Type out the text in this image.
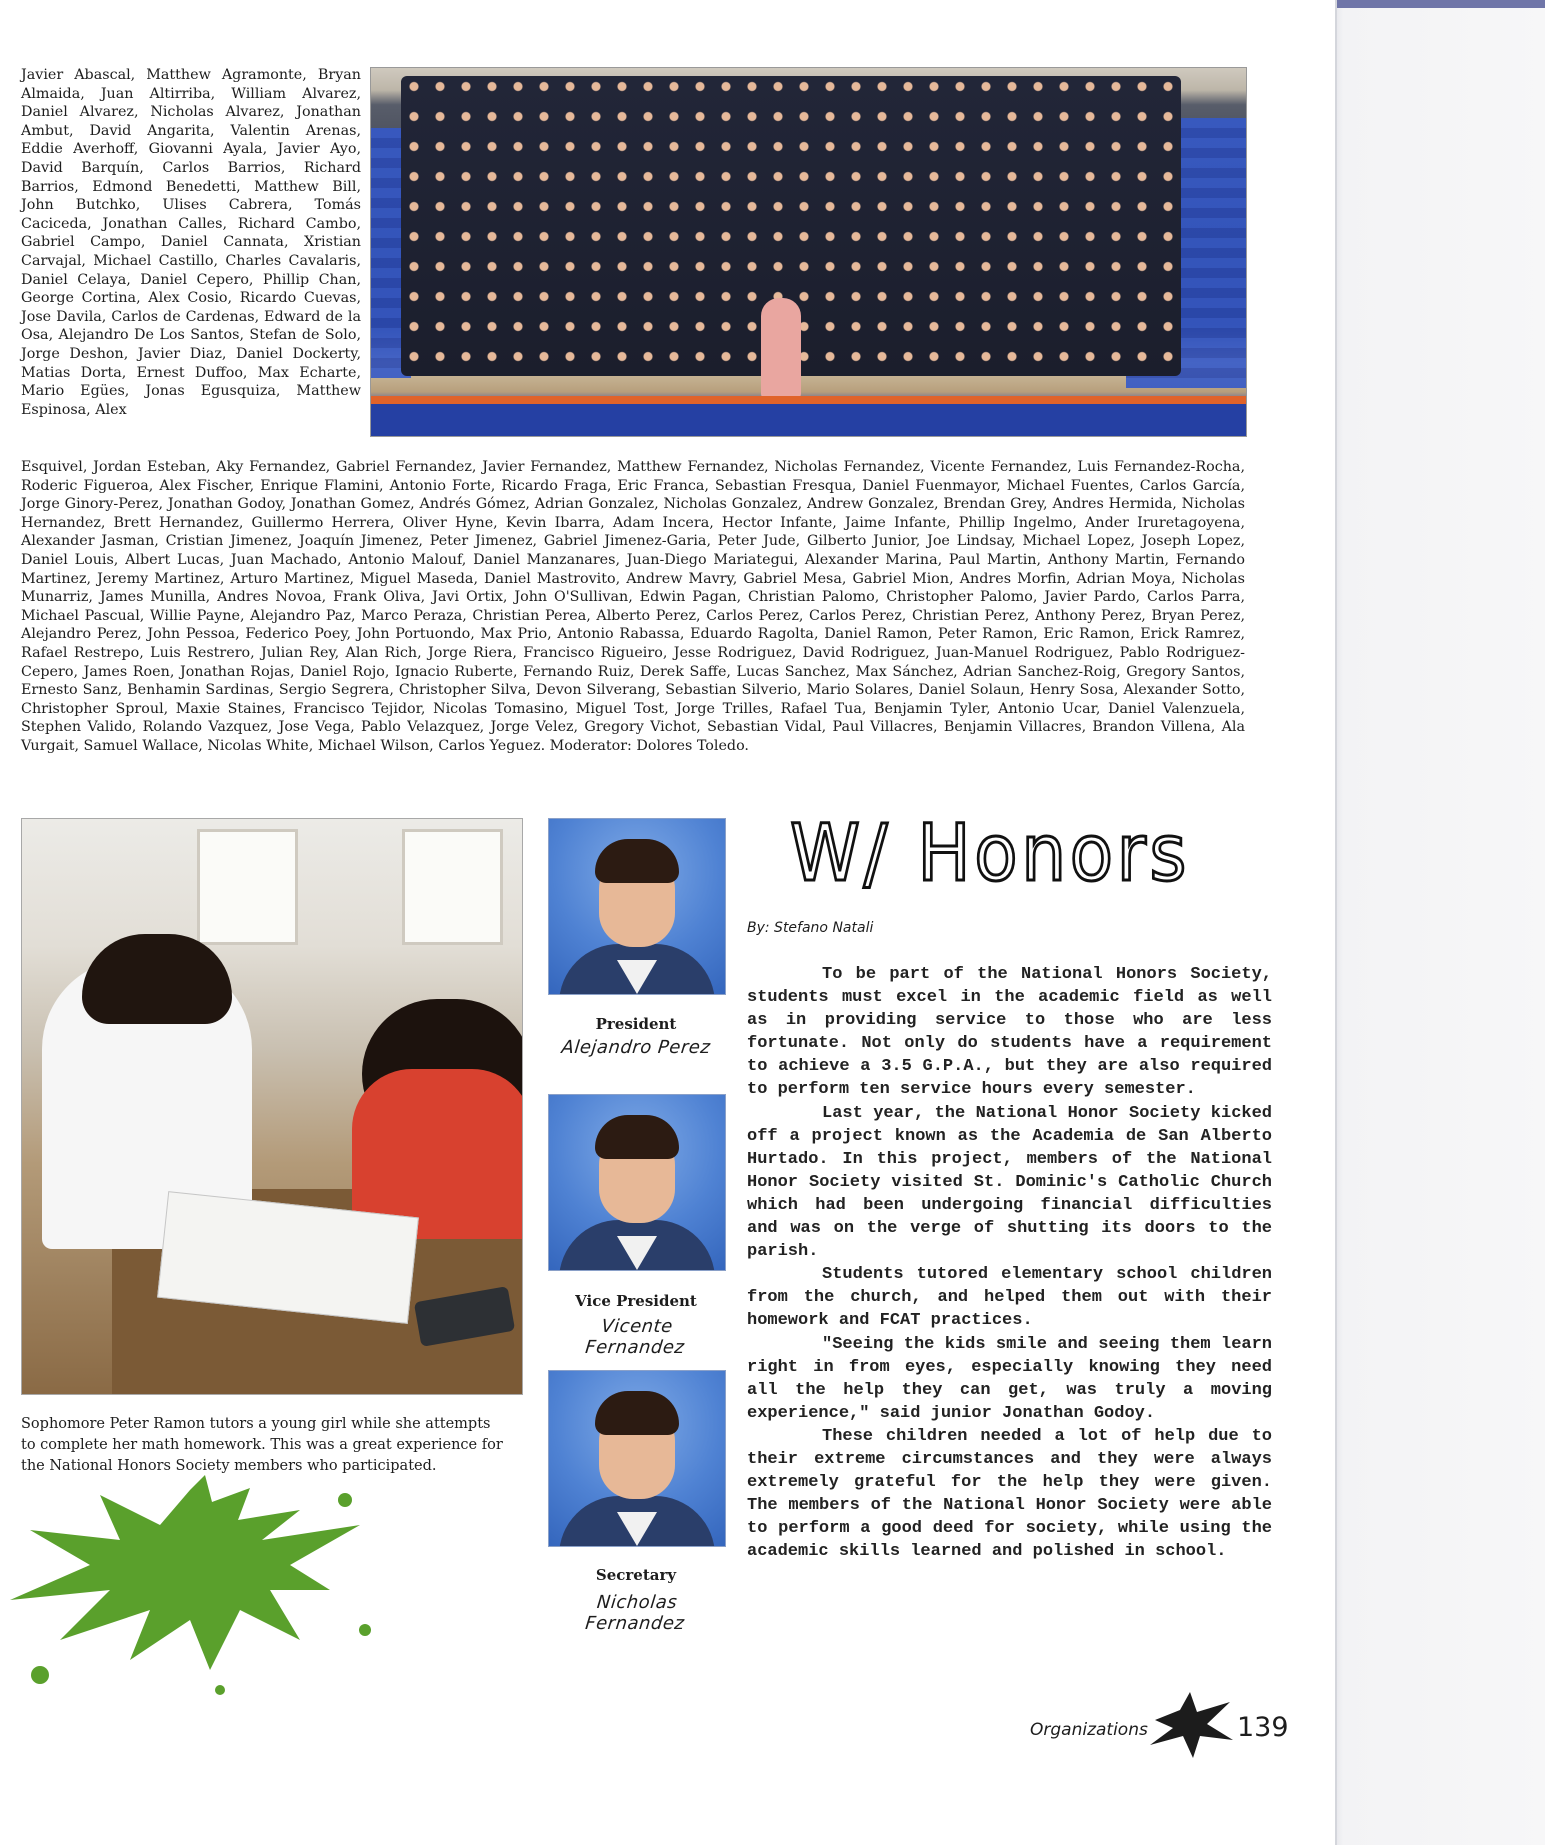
Javier Abascal, Matthew Agramonte, Bryan Almaida, Juan Altirriba, William Alvarez, Daniel Alvarez, Nicholas Alvarez, Jonathan Ambut, David Angarita, Valentin Arenas, Eddie Averhoff, Giovanni Ayala, Javier Ayo, David Barquín, Carlos Barrios, Richard Barrios, Edmond Benedetti, Matthew Bill, John Butchko, Ulises Cabrera, Tomás Caciceda, Jonathan Calles, Richard Cambo, Gabriel Campo, Daniel Cannata, Xristian Carvajal, Michael Castillo, Charles Cavalaris, Daniel Celaya, Daniel Cepero, Phillip Chan, George Cortina, Alex Cosio, Ricardo Cuevas, Jose Davila, Carlos de Cardenas, Edward de la Osa, Alejandro De Los Santos, Stefan de Solo, Jorge Deshon, Javier Diaz, Daniel Dockerty, Matias Dorta, Ernest Duffoo, Max Echarte, Mario Egües, Jonas Egusquiza, Matthew Espinosa, Alex

Esquivel, Jordan Esteban, Aky Fernandez, Gabriel Fernandez, Javier Fernandez, Matthew Fernandez, Nicholas Fernandez, Vicente Fernandez, Luis Fernandez-Rocha, Roderic Figueroa, Alex Fischer, Enrique Flamini, Antonio Forte, Ricardo Fraga, Eric Franca, Sebastian Fresqua, Daniel Fuenmayor, Michael Fuentes, Carlos García, Jorge Ginory-Perez, Jonathan Godoy, Jonathan Gomez, Andrés Gómez, Adrian Gonzalez, Nicholas Gonzalez, Andrew Gonzalez, Brendan Grey, Andres Hermida, Nicholas Hernandez, Brett Hernandez, Guillermo Herrera, Oliver Hyne, Kevin Ibarra, Adam Incera, Hector Infante, Jaime Infante, Phillip Ingelmo, Ander Iruretagoyena, Alexander Jasman, Cristian Jimenez, Joaquín Jimenez, Peter Jimenez, Gabriel Jimenez-Garia, Peter Jude, Gilberto Junior, Joe Lindsay, Michael Lopez, Joseph Lopez, Daniel Louis, Albert Lucas, Juan Machado, Antonio Malouf, Daniel Manzanares, Juan-Diego Mariategui, Alexander Marina, Paul Martin, Anthony Martin, Fernando Martinez, Jeremy Martinez, Arturo Martinez, Miguel Maseda, Daniel Mastrovito, Andrew Mavry, Gabriel Mesa, Gabriel Mion, Andres Morfin, Adrian Moya, Nicholas Munarriz, James Munilla, Andres Novoa, Frank Oliva, Javi Ortix, John O'Sullivan, Edwin Pagan, Christian Palomo, Christopher Palomo, Javier Pardo, Carlos Parra, Michael Pascual, Willie Payne, Alejandro Paz, Marco Peraza, Christian Perea, Alberto Perez, Carlos Perez, Carlos Perez, Christian Perez, Anthony Perez, Bryan Perez, Alejandro Perez, John Pessoa, Federico Poey, John Portuondo, Max Prio, Antonio Rabassa, Eduardo Ragolta, Daniel Ramon, Peter Ramon, Eric Ramon, Erick Ramrez, Rafael Restrepo, Luis Restrero, Julian Rey, Alan Rich, Jorge Riera, Francisco Rigueiro, Jesse Rodriguez, David Rodriguez, Juan-Manuel Rodriguez, Pablo Rodriguez-Cepero, James Roen, Jonathan Rojas, Daniel Rojo, Ignacio Ruberte, Fernando Ruiz, Derek Saffe, Lucas Sanchez, Max Sánchez, Adrian Sanchez-Roig, Gregory Santos, Ernesto Sanz, Benhamin Sardinas, Sergio Segrera, Christopher Silva, Devon Silverang, Sebastian Silverio, Mario Solares, Daniel Solaun, Henry Sosa, Alexander Sotto, Christopher Sproul, Maxie Staines, Francisco Tejidor, Nicolas Tomasino, Miguel Tost, Jorge Trilles, Rafael Tua, Benjamin Tyler, Antonio Ucar, Daniel Valenzuela, Stephen Valido, Rolando Vazquez, Jose Vega, Pablo Velazquez, Jorge Velez, Gregory Vichot, Sebastian Vidal, Paul Villacres, Benjamin Villacres, Brandon Villena, Ala Vurgait, Samuel Wallace, Nicolas White, Michael Wilson, Carlos Yeguez. Moderator: Dolores Toledo.

Sophomore Peter Ramon tutors a young girl while she attempts to complete her math homework. This was a great experience for the National Honors Society members who participated.

President

Alejandro Perez

Vice President

Vicente Fernandez

Secretary

Nicholas Fernandez

W/ Honors

By: Stefano Natali

To be part of the National Honors Society, students must excel in the academic field as well as in providing service to those who are less fortunate. Not only do students have a requirement to achieve a 3.5 G.P.A., but they are also required to perform ten service hours every semester.

Last year, the National Honor Society kicked off a project known as the Academia de San Alberto Hurtado. In this project, members of the National Honor Society visited St. Dominic's Catholic Church which had been undergoing financial difficulties and was on the verge of shutting its doors to the parish.

Students tutored elementary school children from the church, and helped them out with their homework and FCAT practices.

"Seeing the kids smile and seeing them learn right in from eyes, especially knowing they need all the help they can get, was truly a moving experience," said junior Jonathan Godoy.

These children needed a lot of help due to their extreme circumstances and they were always extremely grateful for the help they were given. The members of the National Honor Society were able to perform a good deed for society, while using the academic skills learned and polished in school.

Organizations	139
